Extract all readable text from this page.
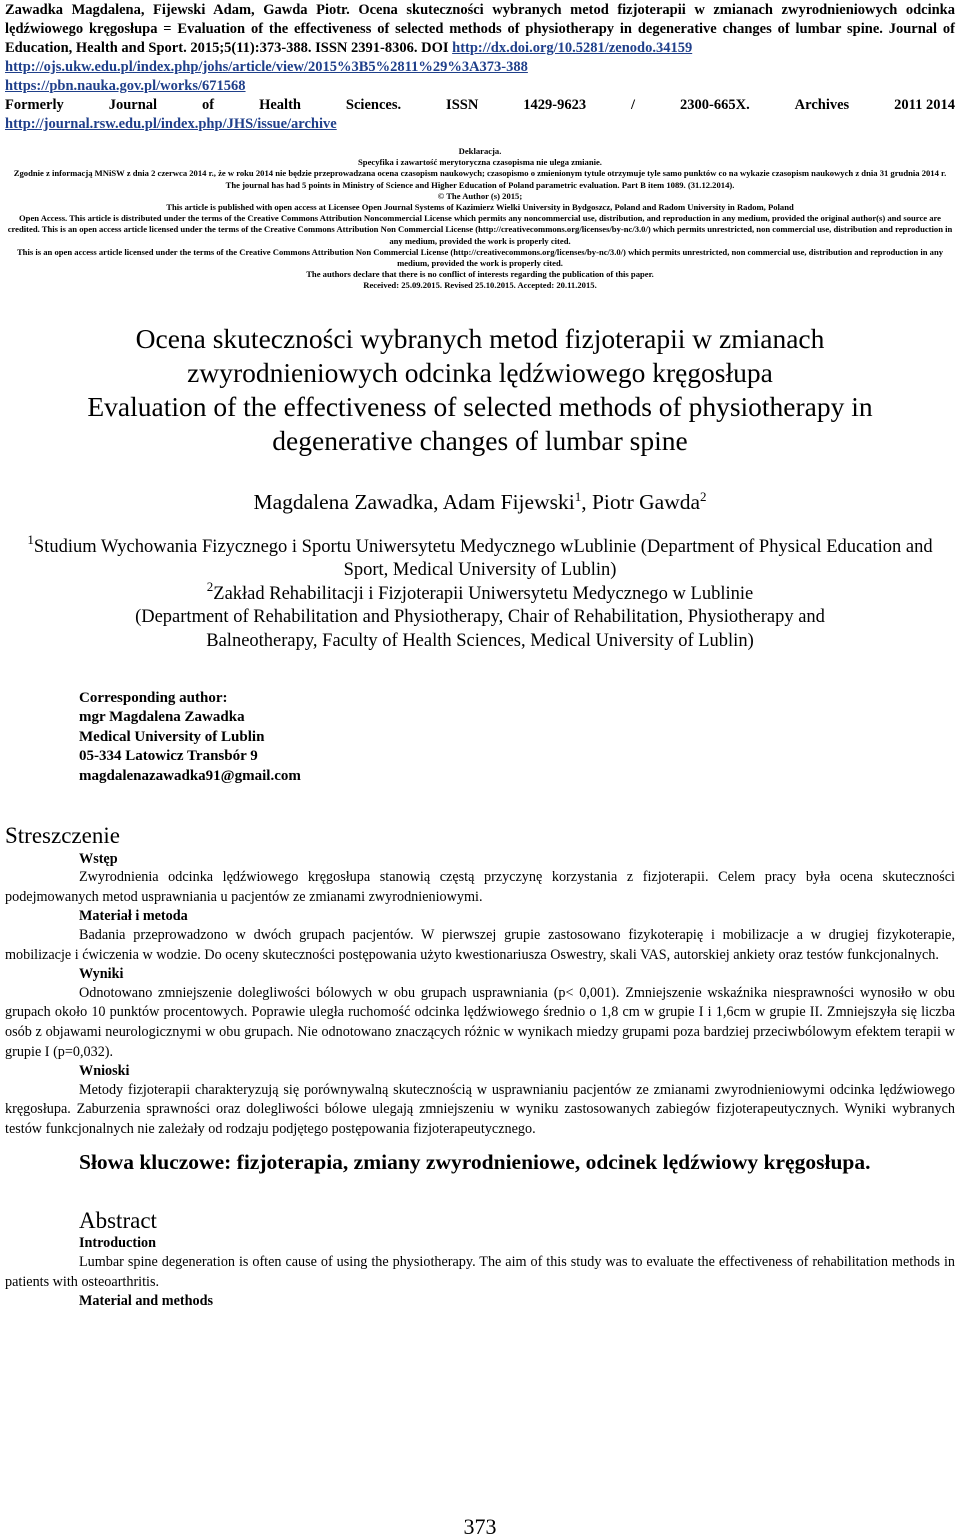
Zawadka Magdalena, Fijewski Adam, Gawda Piotr. Ocena skuteczności wybranych metod fizjoterapii w zmianach zwyrodnieniowych odcinka lędźwiowego kręgosłupa = Evaluation of the effectiveness of selected methods of physiotherapy in degenerative changes of lumbar spine. Journal of Education, Health and Sport. 2015;5(11):373-388. ISSN 2391-8306. DOI http://dx.doi.org/10.5281/zenodo.34159
http://ojs.ukw.edu.pl/index.php/johs/article/view/2015%3B5%2811%29%3A373-388
https://pbn.nauka.gov.pl/works/671568
Formerly	Journal	of	Health	Sciences.	ISSN	1429-9623	/	2300-665X.	Archives	2011 2014
http://journal.rsw.edu.pl/index.php/JHS/issue/archive
Deklaracja.
Specyfika i zawartość merytoryczna czasopisma nie ulega zmianie.
Zgodnie z informacją MNiSW z dnia 2 czerwca 2014 r., że w roku 2014 nie będzie przeprowadzana ocena czasopism naukowych; czasopismo o zmienionym tytule otrzymuje tyle samo punktów co na wykazie czasopism naukowych z dnia 31 grudnia 2014 r.
The journal has had 5 points in Ministry of Science and Higher Education of Poland parametric evaluation. Part B item 1089. (31.12.2014).
© The Author (s) 2015;
This article is published with open access at Licensee Open Journal Systems of Kazimierz Wielki University in Bydgoszcz, Poland and Radom University in Radom, Poland
Open Access. This article is distributed under the terms of the Creative Commons Attribution Noncommercial License which permits any noncommercial use, distribution, and reproduction in any medium, provided the original author(s) and source are credited. This is an open access article licensed under the terms of the Creative Commons Attribution Non Commercial License (http://creativecommons.org/licenses/by-nc/3.0/) which permits unrestricted, non commercial use, distribution and reproduction in any medium, provided the work is properly cited.
This is an open access article licensed under the terms of the Creative Commons Attribution Non Commercial License (http://creativecommons.org/licenses/by-nc/3.0/) which permits unrestricted, non commercial use, distribution and reproduction in any medium, provided the work is properly cited.
The authors declare that there is no conflict of interests regarding the publication of this paper.
Received: 25.09.2015. Revised 25.10.2015. Accepted: 20.11.2015.
Ocena skuteczności wybranych metod fizjoterapii w zmianach
zwyrodnieniowych odcinka lędźwiowego kręgosłupa
Evaluation of the effectiveness of selected methods of physiotherapy in
degenerative changes of lumbar spine
Magdalena Zawadka, Adam Fijewski$^1$, Piotr Gawda$^2$
$^1$Studium Wychowania Fizycznego i Sportu Uniwersytetu Medycznego wLublinie (Department of Physical Education and Sport, Medical University of Lublin)
$^2$Zakład Rehabilitacji i Fizjoterapii Uniwersytetu Medycznego w Lublinie
(Department of Rehabilitation and Physiotherapy, Chair of Rehabilitation, Physiotherapy and
Balneotherapy, Faculty of Health Sciences, Medical University of Lublin)
Corresponding author:
mgr Magdalena Zawadka
Medical University of Lublin
05-334 Latowicz Transbór 9
magdalenazawadka91@gmail.com
Streszczenie
Wstęp
Zwyrodnienia odcinka lędźwiowego kręgosłupa stanowią częstą przyczynę korzystania z fizjoterapii. Celem pracy była ocena skuteczności podejmowanych metod usprawniania u pacjentów ze zmianami zwyrodnieniowymi.
Materiał i metoda
Badania przeprowadzono w dwóch grupach pacjentów. W pierwszej grupie zastosowano fizykoterapię i mobilizacje a w drugiej fizykoterapie, mobilizacje i ćwiczenia w wodzie. Do oceny skuteczności postępowania użyto kwestionariusza Oswestry, skali VAS, autorskiej ankiety oraz testów funkcjonalnych.
Wyniki
Odnotowano zmniejszenie dolegliwości bólowych w obu grupach usprawniania (p< 0,001). Zmniejszenie wskaźnika niesprawności wynosiło w obu grupach około 10 punktów procentowych. Poprawie uległa ruchomość odcinka lędźwiowego średnio o 1,8 cm w grupie I i 1,6cm w grupie II. Zmniejszyła się liczba osób z objawami neurologicznymi w obu grupach. Nie odnotowano znaczących różnic w wynikach miedzy grupami poza bardziej przeciwbólowym efektem terapii w grupie I (p=0,032).
Wnioski
Metody fizjoterapii charakteryzują się porównywalną skutecznością w usprawnianiu pacjentów ze zmianami zwyrodnieniowymi odcinka lędźwiowego kręgosłupa. Zaburzenia sprawności oraz dolegliwości bólowe ulegają zmniejszeniu w wyniku zastosowanych zabiegów fizjoterapeutycznych. Wyniki wybranych testów funkcjonalnych nie zależały od rodzaju podjętego postępowania fizjoterapeutycznego.
Słowa kluczowe: fizjoterapia, zmiany zwyrodnieniowe, odcinek lędźwiowy kręgosłupa.
Abstract
Introduction
Lumbar spine degeneration is often cause of using the physiotherapy. The aim of this study was to evaluate the effectiveness of rehabilitation methods in patients with osteoarthritis.
Material and methods
373
